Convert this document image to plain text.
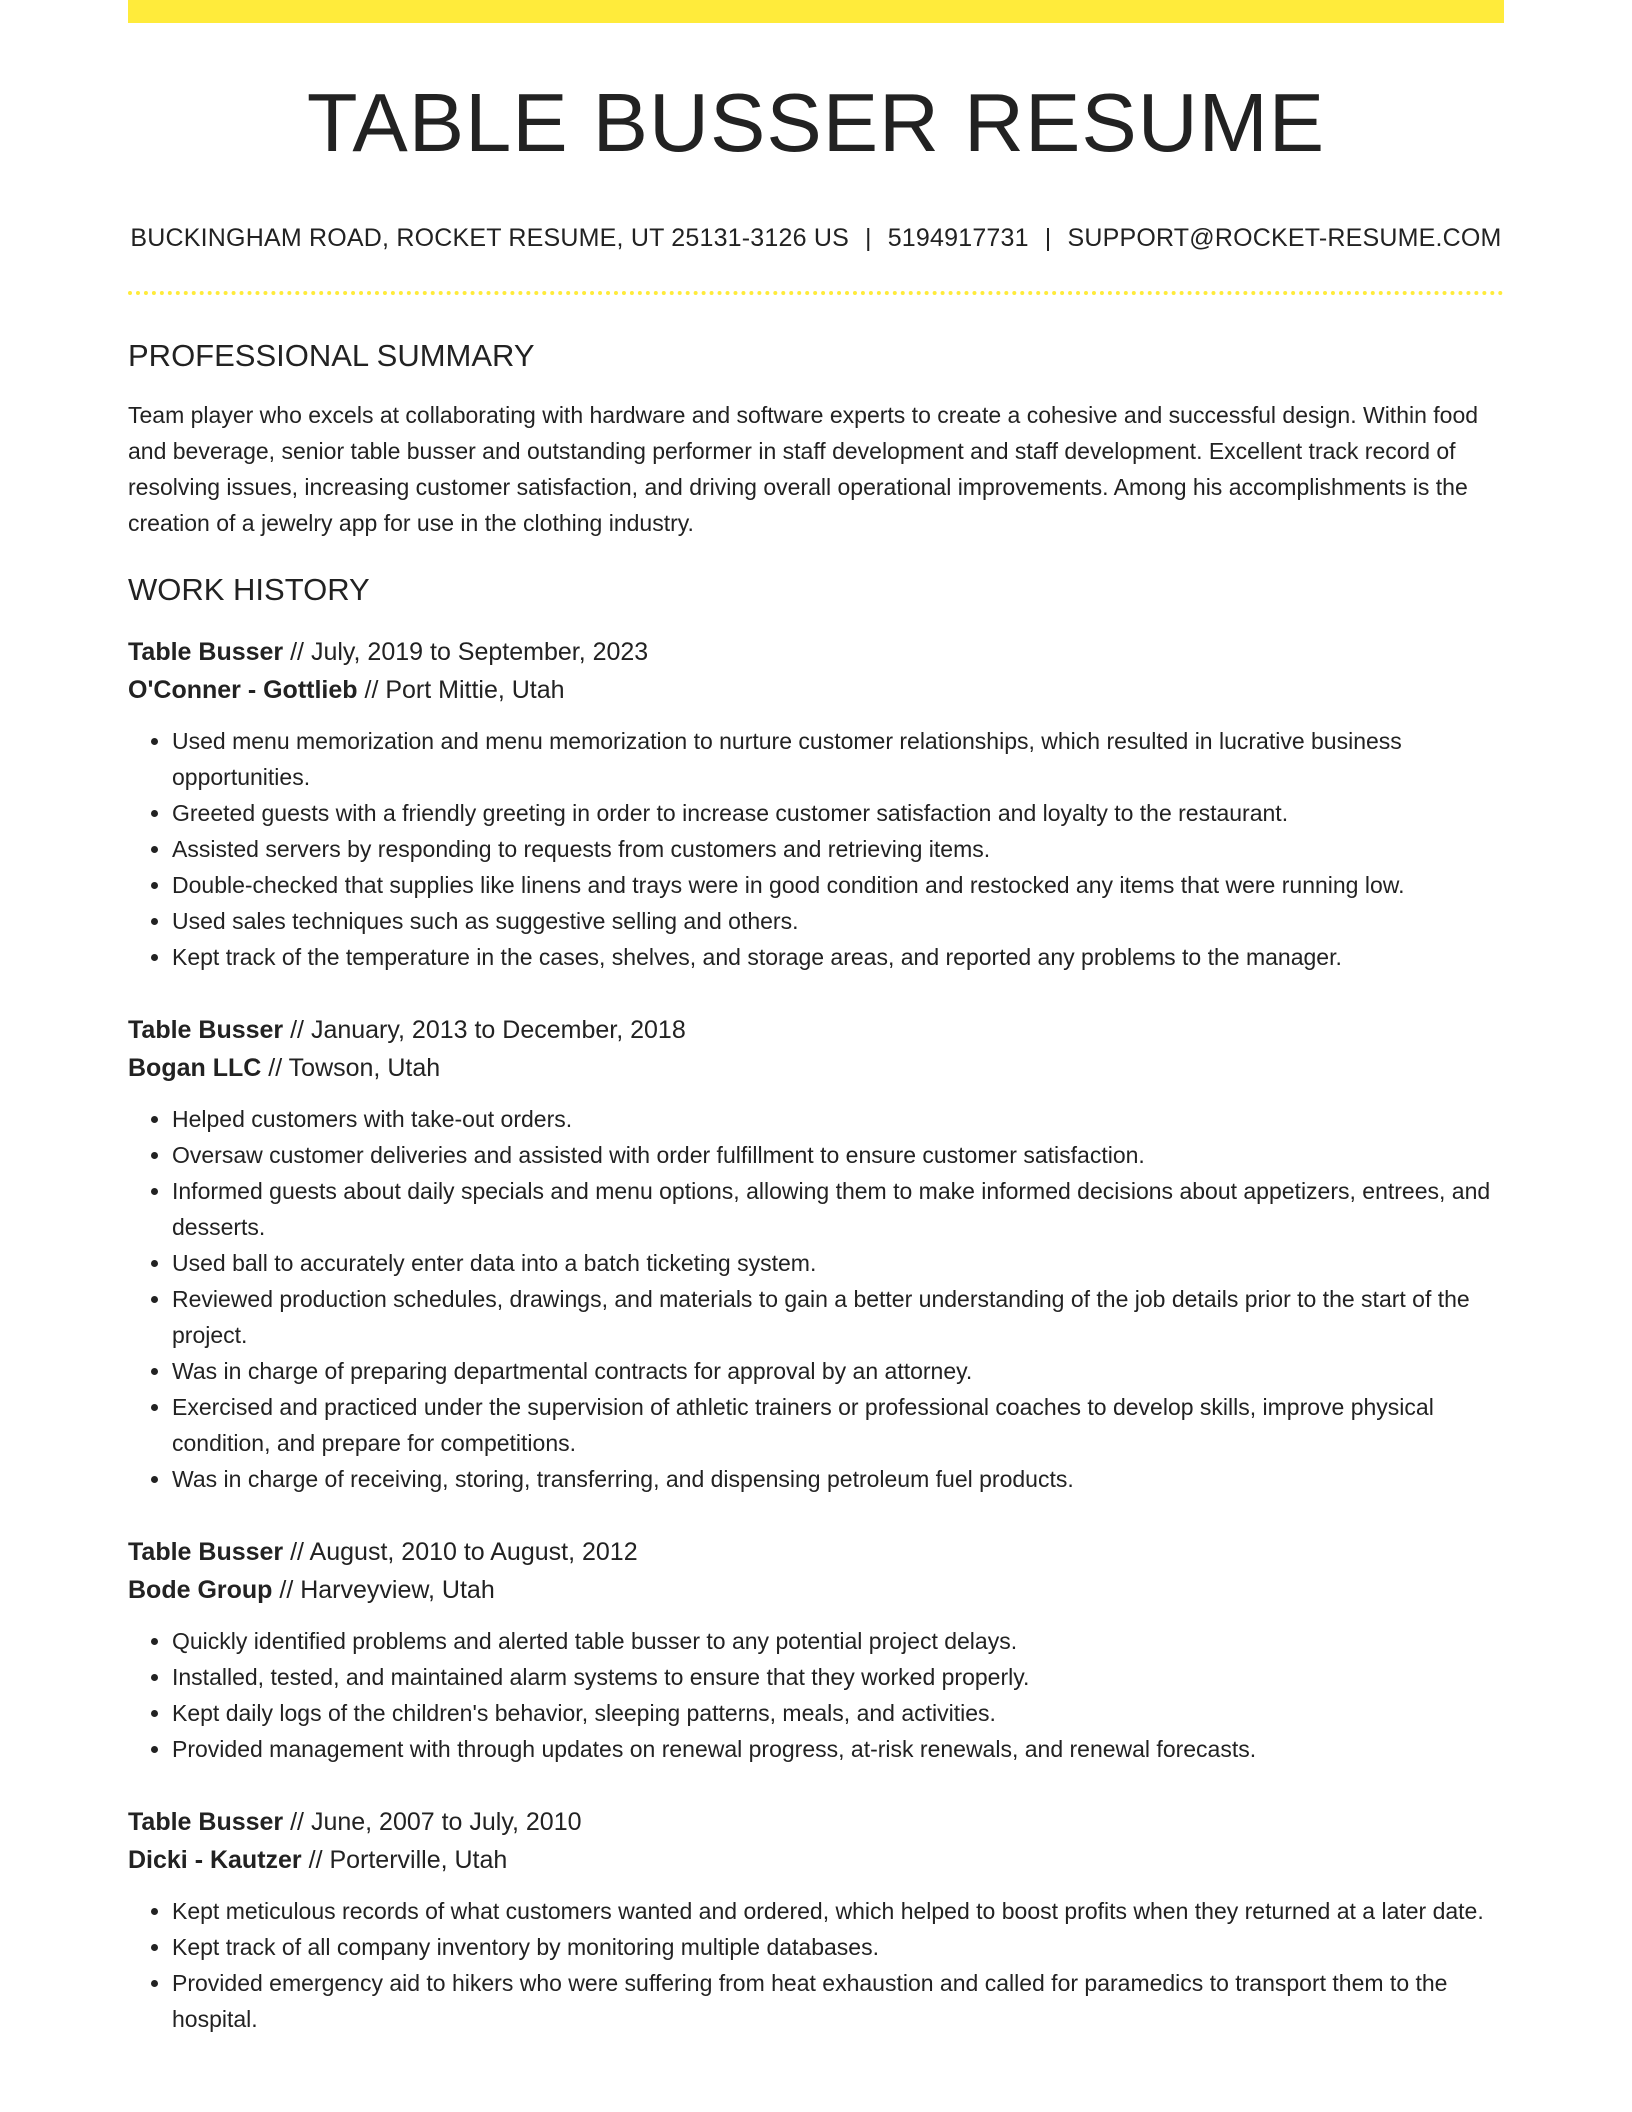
TABLE BUSSER RESUME
BUCKINGHAM ROAD, ROCKET RESUME, UT 25131-3126 US | 5194917731 | SUPPORT@ROCKET-RESUME.COM
PROFESSIONAL SUMMARY

Team player who excels at collaborating with hardware and software experts to create a cohesive and successful design. Within food and beverage, senior table busser and outstanding performer in staff development and staff development. Excellent track record of resolving issues, increasing customer satisfaction, and driving overall operational improvements. Among his accomplishments is the creation of a jewelry app for use in the clothing industry.

WORK HISTORY
Table Busser // July, 2019 to September, 2023
O'Conner - Gottlieb // Port Mittie, Utah
• Used menu memorization and menu memorization to nurture customer relationships, which resulted in lucrative business opportunities.
• Greeted guests with a friendly greeting in order to increase customer satisfaction and loyalty to the restaurant.
• Assisted servers by responding to requests from customers and retrieving items.
• Double-checked that supplies like linens and trays were in good condition and restocked any items that were running low.
• Used sales techniques such as suggestive selling and others.
• Kept track of the temperature in the cases, shelves, and storage areas, and reported any problems to the manager.
Table Busser // January, 2013 to December, 2018
Bogan LLC // Towson, Utah
• Helped customers with take-out orders.
• Oversaw customer deliveries and assisted with order fulfillment to ensure customer satisfaction.
• Informed guests about daily specials and menu options, allowing them to make informed decisions about appetizers, entrees, and desserts.
• Used ball to accurately enter data into a batch ticketing system.
• Reviewed production schedules, drawings, and materials to gain a better understanding of the job details prior to the start of the project.
• Was in charge of preparing departmental contracts for approval by an attorney.
• Exercised and practiced under the supervision of athletic trainers or professional coaches to develop skills, improve physical condition, and prepare for competitions.
• Was in charge of receiving, storing, transferring, and dispensing petroleum fuel products.
Table Busser // August, 2010 to August, 2012
Bode Group // Harveyview, Utah
• Quickly identified problems and alerted table busser to any potential project delays.
• Installed, tested, and maintained alarm systems to ensure that they worked properly.
• Kept daily logs of the children's behavior, sleeping patterns, meals, and activities.
• Provided management with through updates on renewal progress, at-risk renewals, and renewal forecasts.
Table Busser // June, 2007 to July, 2010
Dicki - Kautzer // Porterville, Utah
• Kept meticulous records of what customers wanted and ordered, which helped to boost profits when they returned at a later date.
• Kept track of all company inventory by monitoring multiple databases.
• Provided emergency aid to hikers who were suffering from heat exhaustion and called for paramedics to transport them to the hospital.
